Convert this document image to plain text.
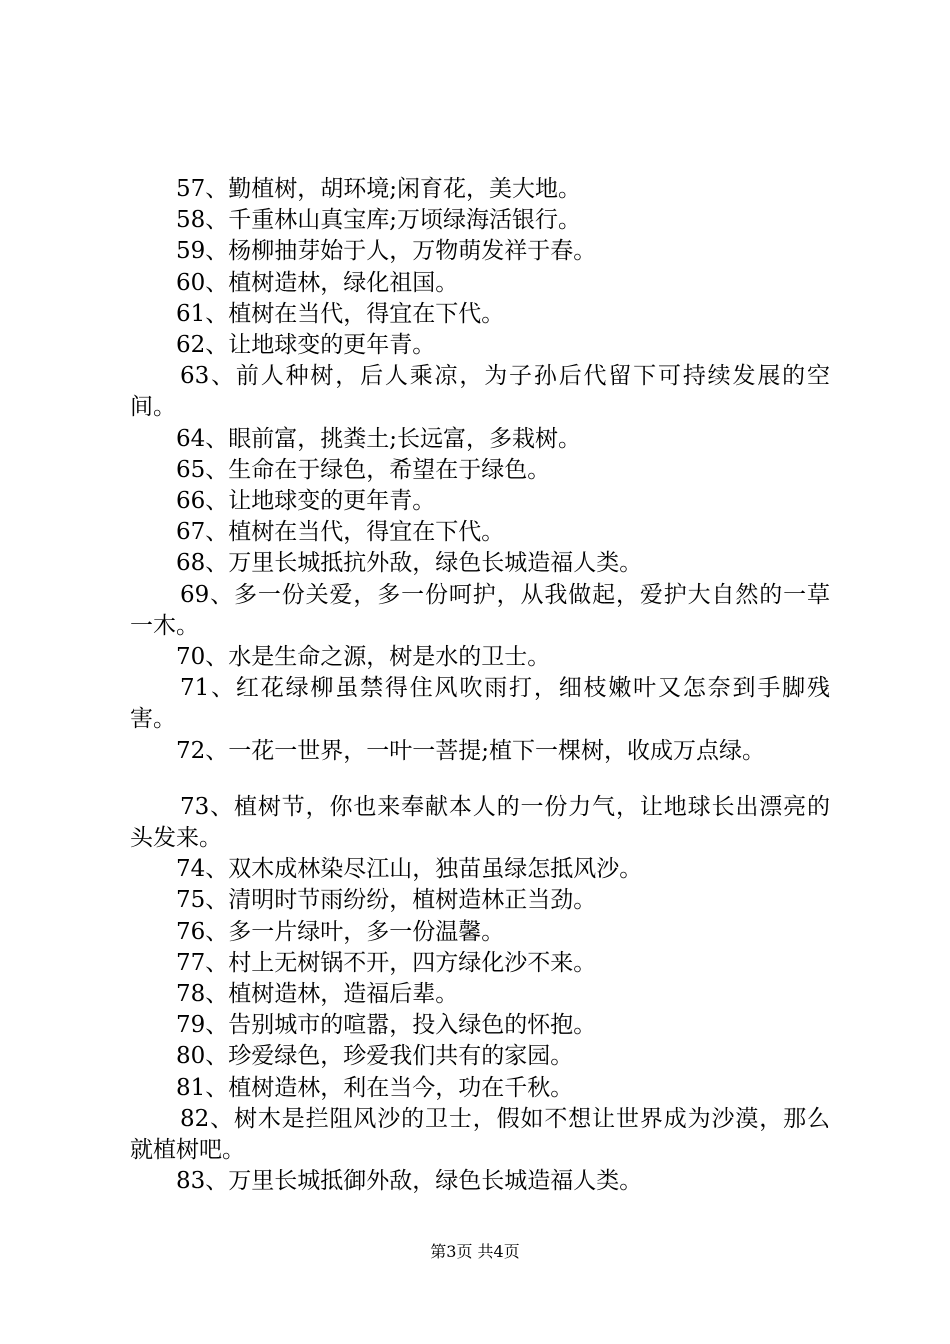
57、勤植树，胡环境;闲育花，美大地。

58、千重林山真宝库;万顷绿海活银行。

59、杨柳抽芽始于人，万物萌发祥于春。

60、植树造林，绿化祖国。

61、植树在当代，得宜在下代。

62、让地球变的更年青。

63、前人种树，后人乘凉，为子孙后代留下可持续发展的空间。

64、眼前富，挑粪土;长远富，多栽树。

65、生命在于绿色，希望在于绿色。

66、让地球变的更年青。

67、植树在当代，得宜在下代。

68、万里长城抵抗外敌，绿色长城造福人类。

69、多一份关爱，多一份呵护，从我做起，爱护大自然的一草一木。

70、水是生命之源，树是水的卫士。

71、红花绿柳虽禁得住风吹雨打，细枝嫩叶又怎奈到手脚残害。

72、一花一世界，一叶一菩提;植下一棵树，收成万点绿。

73、植树节，你也来奉献本人的一份力气，让地球长出漂亮的头发来。

74、双木成林染尽江山，独苗虽绿怎抵风沙。

75、清明时节雨纷纷，植树造林正当劲。

76、多一片绿叶，多一份温馨。

77、村上无树锅不开，四方绿化沙不来。

78、植树造林，造福后辈。

79、告别城市的喧嚣，投入绿色的怀抱。

80、珍爱绿色，珍爱我们共有的家园。

81、植树造林，利在当今，功在千秋。

82、树木是拦阻风沙的卫士，假如不想让世界成为沙漠，那么就植树吧。

83、万里长城抵御外敌，绿色长城造福人类。

第3页 共4页
